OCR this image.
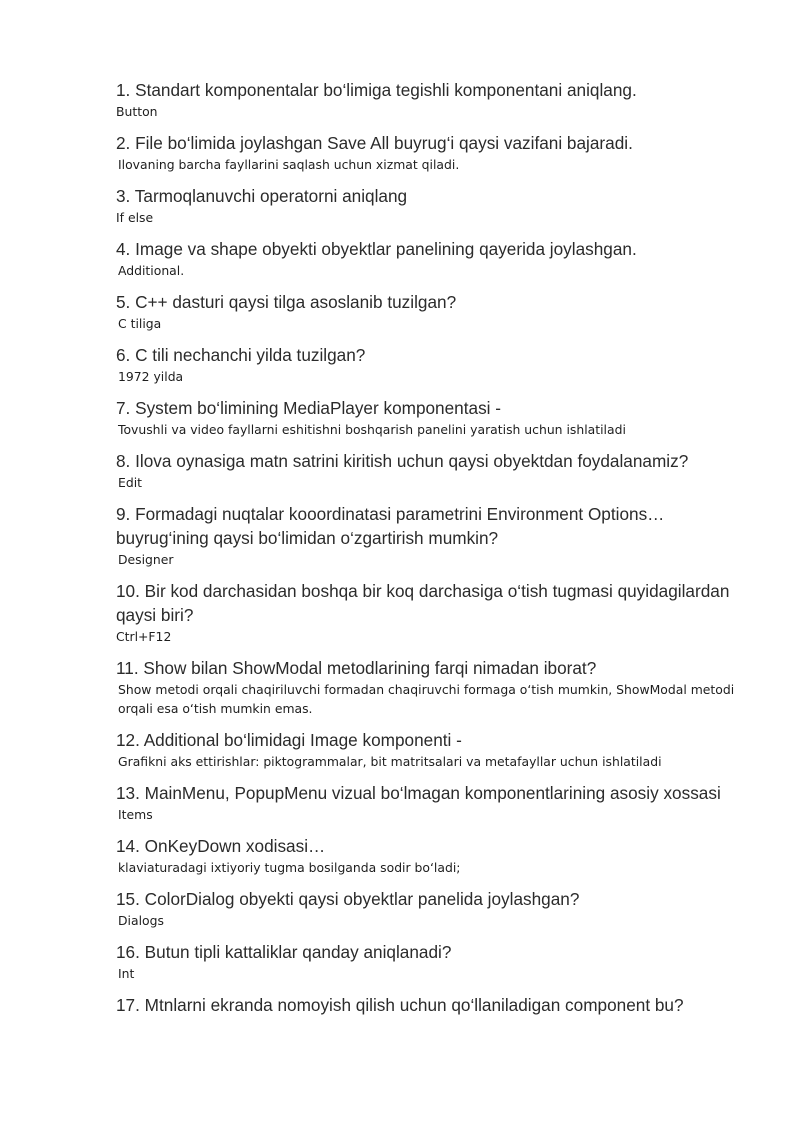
1. Standart komponentalar bo‘limiga tegishli komponentani aniqlang.

Button

2. File bo‘limida joylashgan Save All buyrug‘i qaysi vazifani bajaradi.

Ilovaning barcha fayllarini saqlash uchun xizmat qiladi.

3. Tarmoqlanuvchi operatorni aniqlang

If else

4. Image va shape obyekti obyektlar panelining qayerida joylashgan.

Additional.

5. C++ dasturi qaysi tilga asoslanib tuzilgan?

C tiliga

6. C tili nechanchi yilda tuzilgan?

1972 yilda

7. System bo‘limining MediaPlayer komponentasi -

Tovushli va video fayllarni eshitishni boshqarish panelini yaratish uchun ishlatiladi

8. Ilova oynasiga matn satrini kiritish uchun qaysi obyektdan foydalanamiz?

Edit

9. Formadagi nuqtalar kooordinatasi parametrini Environment Options… buyrug‘ining qaysi bo‘limidan o‘zgartirish mumkin?

Designer

10. Bir kod darchasidan boshqa bir koq darchasiga o‘tish tugmasi quyidagilardan qaysi biri?

Ctrl+F12

11. Show bilan ShowModal metodlarining farqi nimadan iborat?

Show metodi orqali chaqiriluvchi formadan chaqiruvchi formaga o‘tish mumkin, ShowModal metodi orqali esa o‘tish mumkin emas.

12. Additional bo‘limidagi Image komponenti -

Grafikni aks ettirishlar: piktogrammalar, bit matritsalari va metafayllar uchun ishlatiladi

13. MainMenu, PopupMenu vizual bo‘lmagan komponentlarining asosiy xossasi

Items

14. OnKeyDown xodisasi…

klaviaturadagi ixtiyoriy tugma bosilganda sodir bo‘ladi;

15. ColorDialog obyekti qaysi obyektlar panelida joylashgan?

Dialogs

16. Butun tipli kattaliklar qanday aniqlanadi?

Int

17. Mtnlarni ekranda nomoyish qilish uchun qo‘llaniladigan component bu?
